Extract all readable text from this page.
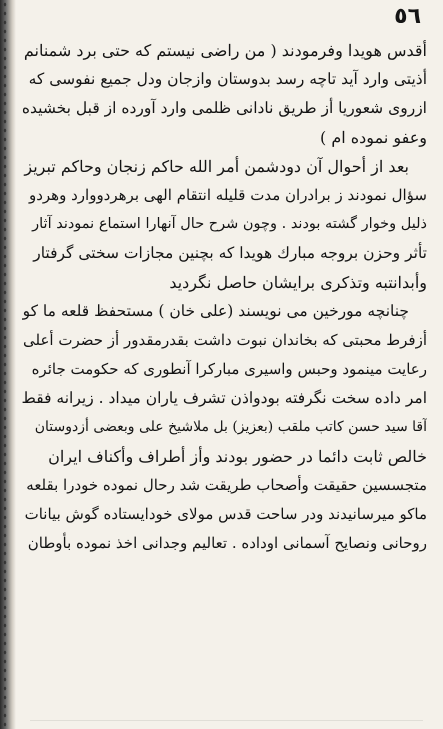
٥٦
أقدس هويدا وفرمودند ( من راضى نيستم كه حتى برد شمنانم
أذيتى وارد آيد تاچه رسد بدوستان وازجان ودل جميع نفوسى كه
ازروى شعوريا أز طريق نادانى ظلمى وارد آورده از قبل بخشيده
وعفو نموده ام )
بعد از أحوال آن دودشمن أمر الله حاكم زنجان وحاكم تبريز
سؤال نمودند ز برادران مدت قليله انتقام الهى برهردووارد وهردو
ذليل وخوار گشته بودند . وچون شرح حال آنهارا استماع نمودند آثار
تأثر وحزن بروجه مبارك هويدا كه بچنين مجازات سختى گرفتار
وأبدانتبه وتذكرى برايشان حاصل نگرديد
چنانچه مورخين مى نويسند (على خان ) مستحفظ قلعه ما كو
أزفرط محبتى كه بخاندان نبوت داشت بقدرمقدور أز حضرت أعلى
رعايت مينمود وحبس واسيرى مباركرا آنطورى كه حكومت جائره
امر داده سخت نگرفته بودواذن تشرف ياران ميداد . زيرانه فقط
آقا سيد حسن كاتب ملقب (بعزيز) بل ملاشيخ على وبعضى أزدوستان
خالص ثابت دائما در حضور بودند وأز أطراف وأكناف ايران
متجسسين حقيقت وأصحاب طريقت شد رحال نموده خودرا بقلعه
ماكو ميرسانيدند ودر ساحت قدس مولاى خودايستاده گوش بيانات
روحانى ونصايح آسمانى اوداده . تعاليم وجدانى اخذ نموده بأوطان
